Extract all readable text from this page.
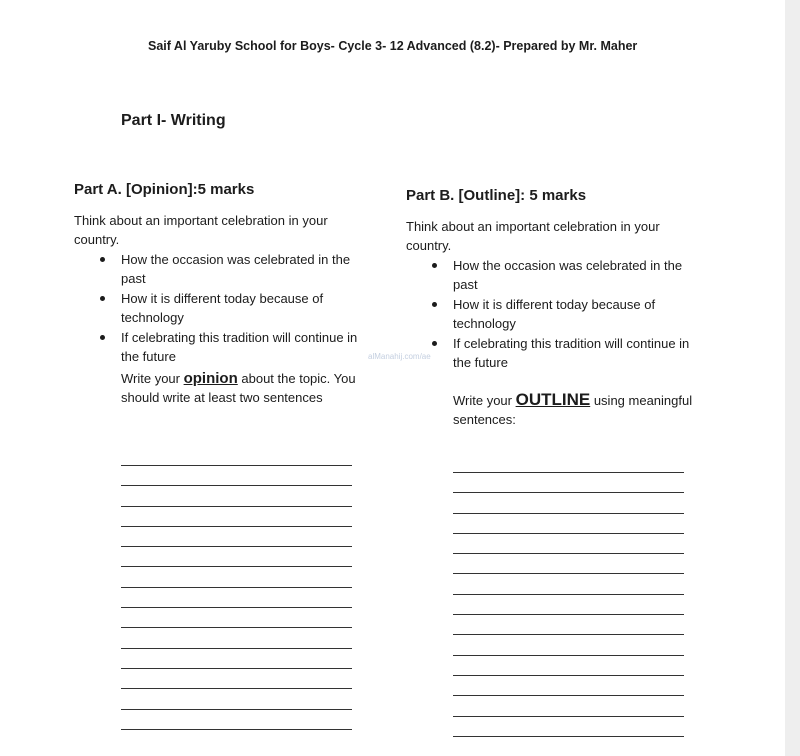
Saif Al Yaruby School for Boys- Cycle 3- 12 Advanced (8.2)- Prepared by Mr. Maher
Part I- Writing
Part A. [Opinion]:5 marks

Think about an important celebration in your country.

How the occasion was celebrated in the past
How it is different today because of technology
If celebrating this tradition will continue in the future

Write your opinion about the topic. You should write at least two sentences

Part B. [Outline]: 5 marks

Think about an important celebration in your country.

How the occasion was celebrated in the past
How it is different today because of technology
If celebrating this tradition will continue in the future

Write your OUTLINE using meaningful sentences:

alManahij.com/ae
